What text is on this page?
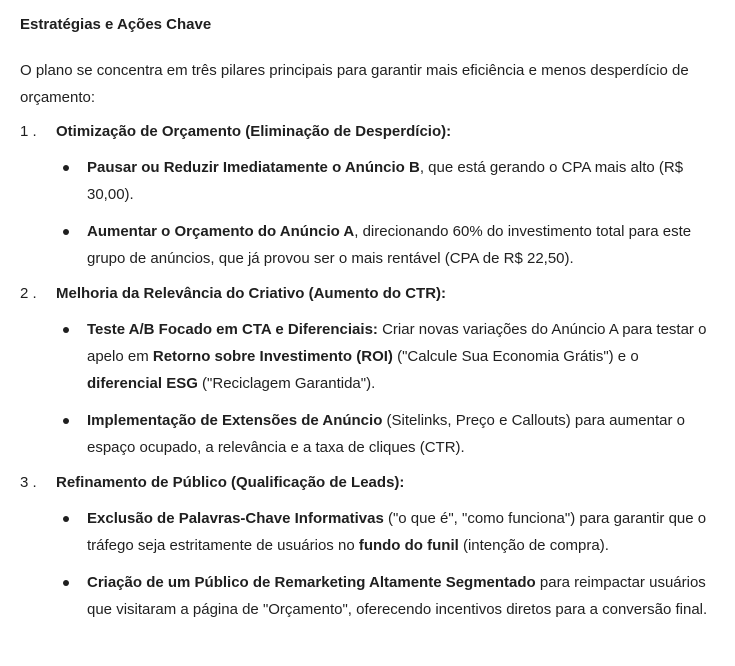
Estratégias e Ações Chave

O plano se concentra em três pilares principais para garantir mais eficiência e menos desperdício de orçamento:

1 .	Otimização de Orçamento (Eliminação de Desperdício):
Pausar ou Reduzir Imediatamente o Anúncio B, que está gerando o CPA mais alto (R$ 30,00).
Aumentar o Orçamento do Anúncio A, direcionando 60% do investimento total para este grupo de anúncios, que já provou ser o mais rentável (CPA de R$ 22,50).
2 .	Melhoria da Relevância do Criativo (Aumento do CTR):
Teste A/B Focado em CTA e Diferenciais: Criar novas variações do Anúncio A para testar o apelo em Retorno sobre Investimento (ROI) ("Calcule Sua Economia Grátis") e o diferencial ESG ("Reciclagem Garantida").
Implementação de Extensões de Anúncio (Sitelinks, Preço e Callouts) para aumentar o espaço ocupado, a relevância e a taxa de cliques (CTR).
3 .	Refinamento de Público (Qualificação de Leads):
Exclusão de Palavras-Chave Informativas ("o que é", "como funciona") para garantir que o tráfego seja estritamente de usuários no fundo do funil (intenção de compra).
Criação de um Público de Remarketing Altamente Segmentado para reimpactar usuários que visitaram a página de "Orçamento", oferecendo incentivos diretos para a conversão final.
